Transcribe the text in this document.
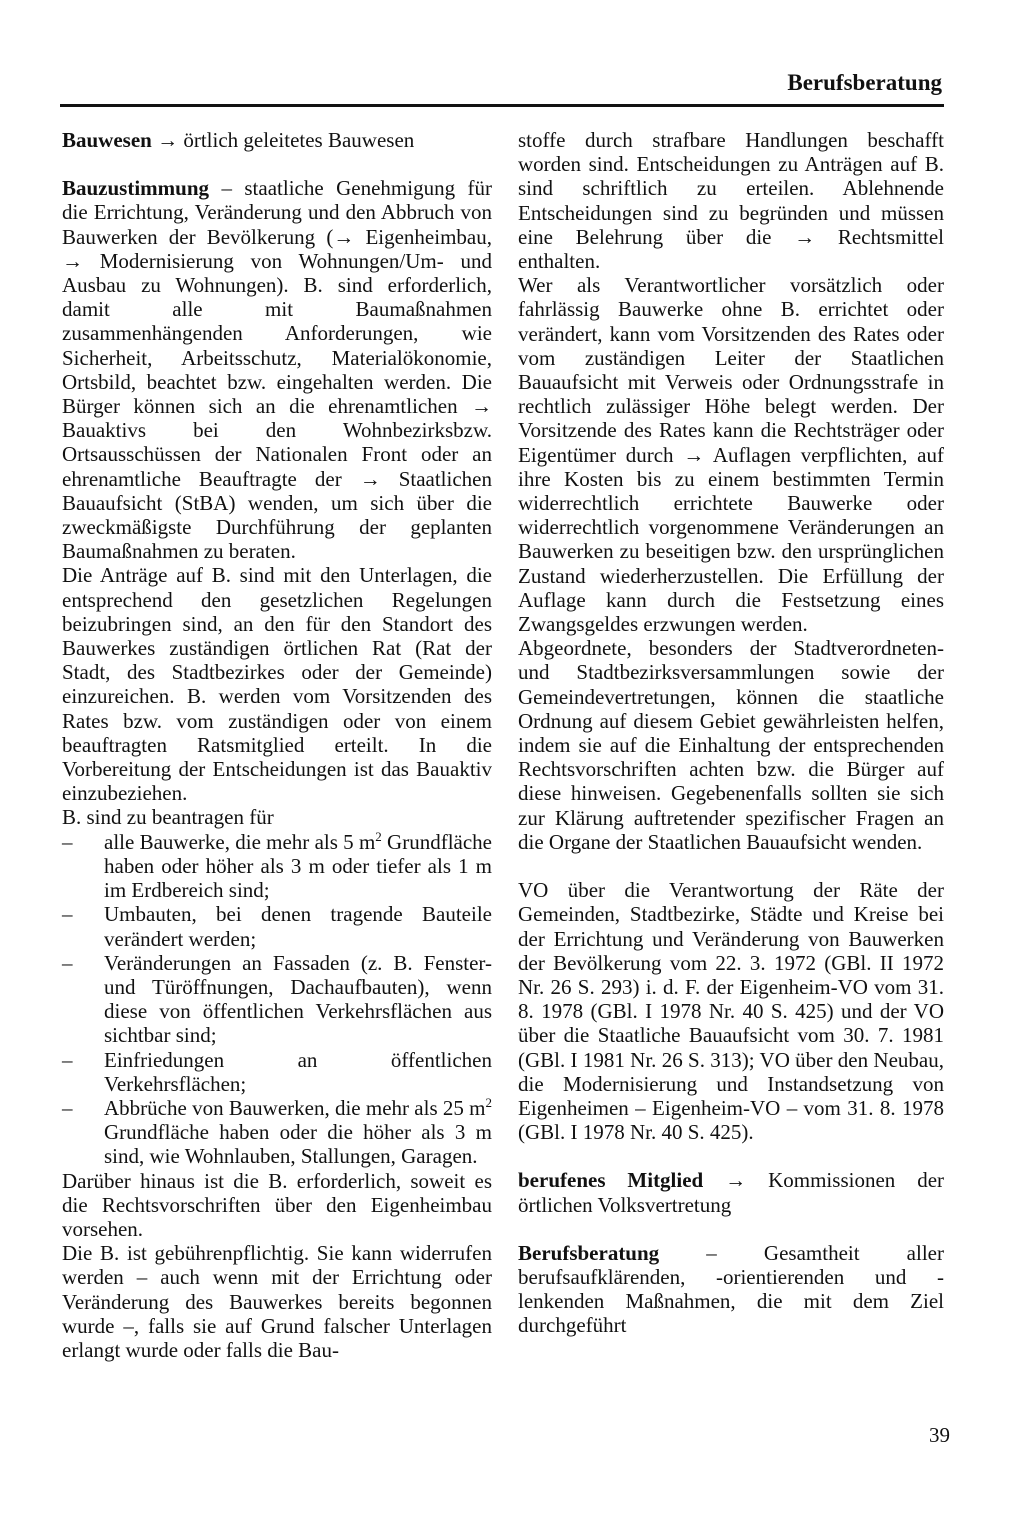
Berufsberatung

Bauwesen → örtlich geleitetes Bauwesen

Bauzustimmung – staatliche Genehmigung für die Errichtung, Veränderung und den Abbruch von Bauwerken der Bevölkerung (→ Eigenheimbau, → Modernisierung von Wohnungen/Um- und Ausbau zu Wohnungen). B. sind erforderlich, damit alle mit Baumaßnahmen zusammenhängenden Anforderungen, wie Sicherheit, Arbeitsschutz, Materialökonomie, Ortsbild, beachtet bzw. eingehalten werden. Die Bürger können sich an die ehrenamtlichen → Bauaktivs bei den Wohnbezirksbzw. Ortsausschüssen der Nationalen Front oder an ehrenamtliche Beauftragte der → Staatlichen Bauaufsicht (StBA) wenden, um sich über die zweckmäßigste Durchführung der geplanten Baumaßnahmen zu beraten.

Die Anträge auf B. sind mit den Unterlagen, die entsprechend den gesetzlichen Regelungen beizubringen sind, an den für den Standort des Bauwerkes zuständigen örtlichen Rat (Rat der Stadt, des Stadtbezirkes oder der Gemeinde) einzureichen. B. werden vom Vorsitzenden des Rates bzw. vom zuständigen oder von einem beauftragten Ratsmitglied erteilt. In die Vorbereitung der Entscheidungen ist das Bauaktiv einzubeziehen.

B. sind zu beantragen für

– alle Bauwerke, die mehr als 5 $m^2$ Grundfläche haben oder höher als 3 m oder tiefer als 1 m im Erdbereich sind;
– Umbauten, bei denen tragende Bauteile verändert werden;
– Veränderungen an Fassaden (z. B. Fenster- und Türöffnungen, Dachaufbauten), wenn diese von öffentlichen Verkehrsflächen aus sichtbar sind;
– Einfriedungen an öffentlichen Verkehrsflächen;
– Abbrüche von Bauwerken, die mehr als 25 $m^2$ Grundfläche haben oder die höher als 3 m sind, wie Wohnlauben, Stallungen, Garagen.

Darüber hinaus ist die B. erforderlich, soweit es die Rechtsvorschriften über den Eigenheimbau vorsehen.

Die B. ist gebührenpflichtig. Sie kann widerrufen werden – auch wenn mit der Errichtung oder Veränderung des Bauwerkes bereits begonnen wurde –, falls sie auf Grund falscher Unterlagen erlangt wurde oder falls die Bau-

stoffe durch strafbare Handlungen beschafft worden sind. Entscheidungen zu Anträgen auf B. sind schriftlich zu erteilen. Ablehnende Entscheidungen sind zu begründen und müssen eine Belehrung über die → Rechtsmittel enthalten.

Wer als Verantwortlicher vorsätzlich oder fahrlässig Bauwerke ohne B. errichtet oder verändert, kann vom Vorsitzenden des Rates oder vom zuständigen Leiter der Staatlichen Bauaufsicht mit Verweis oder Ordnungsstrafe in rechtlich zulässiger Höhe belegt werden. Der Vorsitzende des Rates kann die Rechtsträger oder Eigentümer durch → Auflagen verpflichten, auf ihre Kosten bis zu einem bestimmten Termin widerrechtlich errichtete Bauwerke oder widerrechtlich vorgenommene Veränderungen an Bauwerken zu beseitigen bzw. den ursprünglichen Zustand wiederherzustellen. Die Erfüllung der Auflage kann durch die Festsetzung eines Zwangsgeldes erzwungen werden.

Abgeordnete, besonders der Stadtverordneten- und Stadtbezirksversammlungen sowie der Gemeindevertretungen, können die staatliche Ordnung auf diesem Gebiet gewährleisten helfen, indem sie auf die Einhaltung der entsprechenden Rechtsvorschriften achten bzw. die Bürger auf diese hinweisen. Gegebenenfalls sollten sie sich zur Klärung auftretender spezifischer Fragen an die Organe der Staatlichen Bauaufsicht wenden.

VO über die Verantwortung der Räte der Gemeinden, Stadtbezirke, Städte und Kreise bei der Errichtung und Veränderung von Bauwerken der Bevölkerung vom 22. 3. 1972 (GBl. II 1972 Nr. 26 S. 293) i. d. F. der Eigenheim-VO vom 31. 8. 1978 (GBl. I 1978 Nr. 40 S. 425) und der VO über die Staatliche Bauaufsicht vom 30. 7. 1981 (GBl. I 1981 Nr. 26 S. 313); VO über den Neubau, die Modernisierung und Instandsetzung von Eigenheimen – Eigenheim-VO – vom 31. 8. 1978 (GBl. I 1978 Nr. 40 S. 425).

berufenes Mitglied → Kommissionen der örtlichen Volksvertretung

Berufsberatung – Gesamtheit aller berufsaufklärenden, -orientierenden und -lenkenden Maßnahmen, die mit dem Ziel durchgeführt

39
